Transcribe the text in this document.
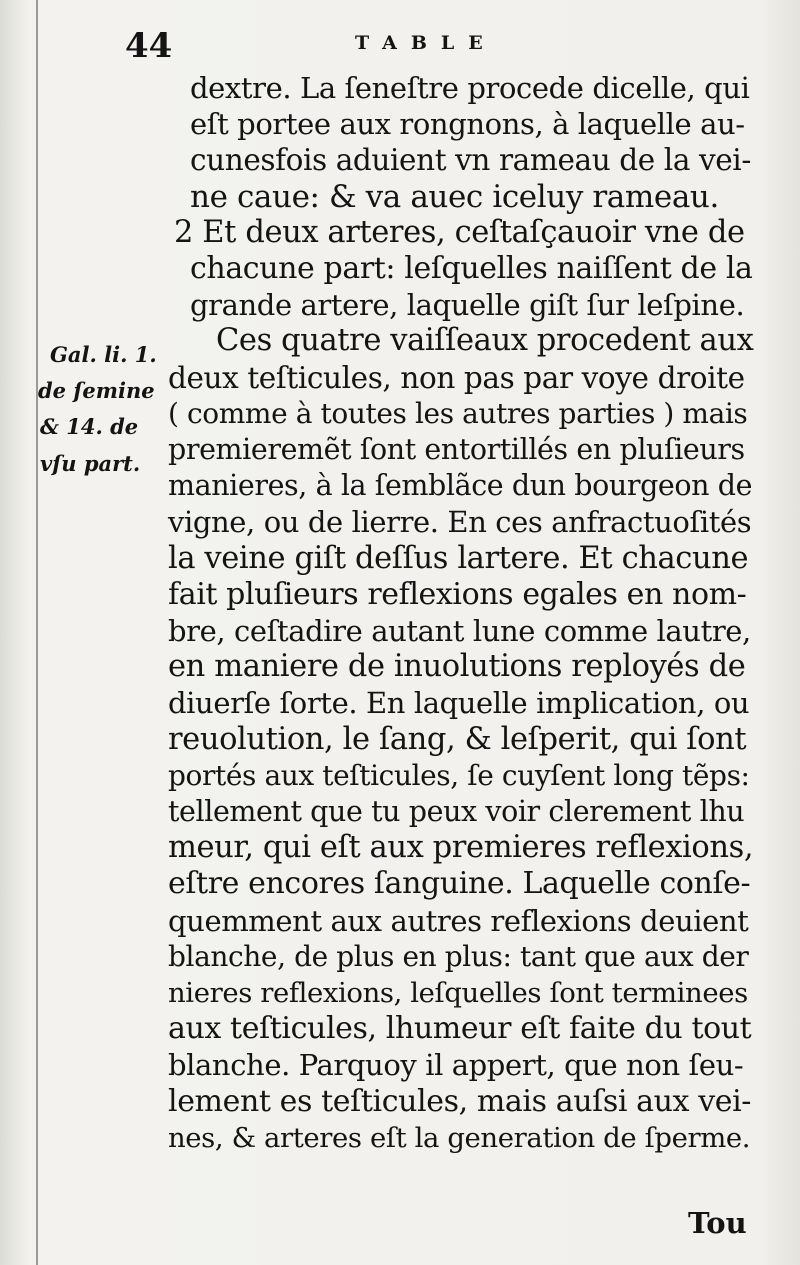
44	TABLE
Gal. li. 1.
de ſemine
& 14. de
vſu part.
dextre. La ſeneſtre procede dicelle, qui
eſt portee aux rongnons, à laquelle au-
cunesfois aduient vn rameau de la vei-
ne caue: & va auec iceluy rameau.
2 Et deux arteres, ceſtaſçauoir vne de
chacune part: leſquelles naiſſent de la
grande artere, laquelle giſt ſur leſpine.
Ces quatre vaiſſeaux procedent aux
deux teſticules, non pas par voye droite
( comme à toutes les autres parties ) mais
premieremẽt ſont entortillés en pluſieurs
manieres, à la ſemblãce dun bourgeon de
vigne, ou de lierre. En ces anfractuoſités
la veine giſt deſſus lartere. Et chacune
fait pluſieurs reflexions egales en nom-
bre, ceſtadire autant lune comme lautre,
en maniere de inuolutions reployés de
diuerſe ſorte. En laquelle implication, ou
reuolution, le ſang, & leſperit, qui ſont
portés aux teſticules, ſe cuyſent long tẽps:
tellement que tu peux voir clerement lhu
meur, qui eſt aux premieres reflexions,
eſtre encores ſanguine. Laquelle conſe-
quemment aux autres reflexions deuient
blanche, de plus en plus: tant que aux der
nieres reflexions, leſquelles ſont terminees
aux teſticules, lhumeur eſt faite du tout
blanche. Parquoy il appert, que non ſeu-
lement es teſticules, mais auſsi aux vei-
nes, & arteres eſt la generation de ſperme.
Tou
